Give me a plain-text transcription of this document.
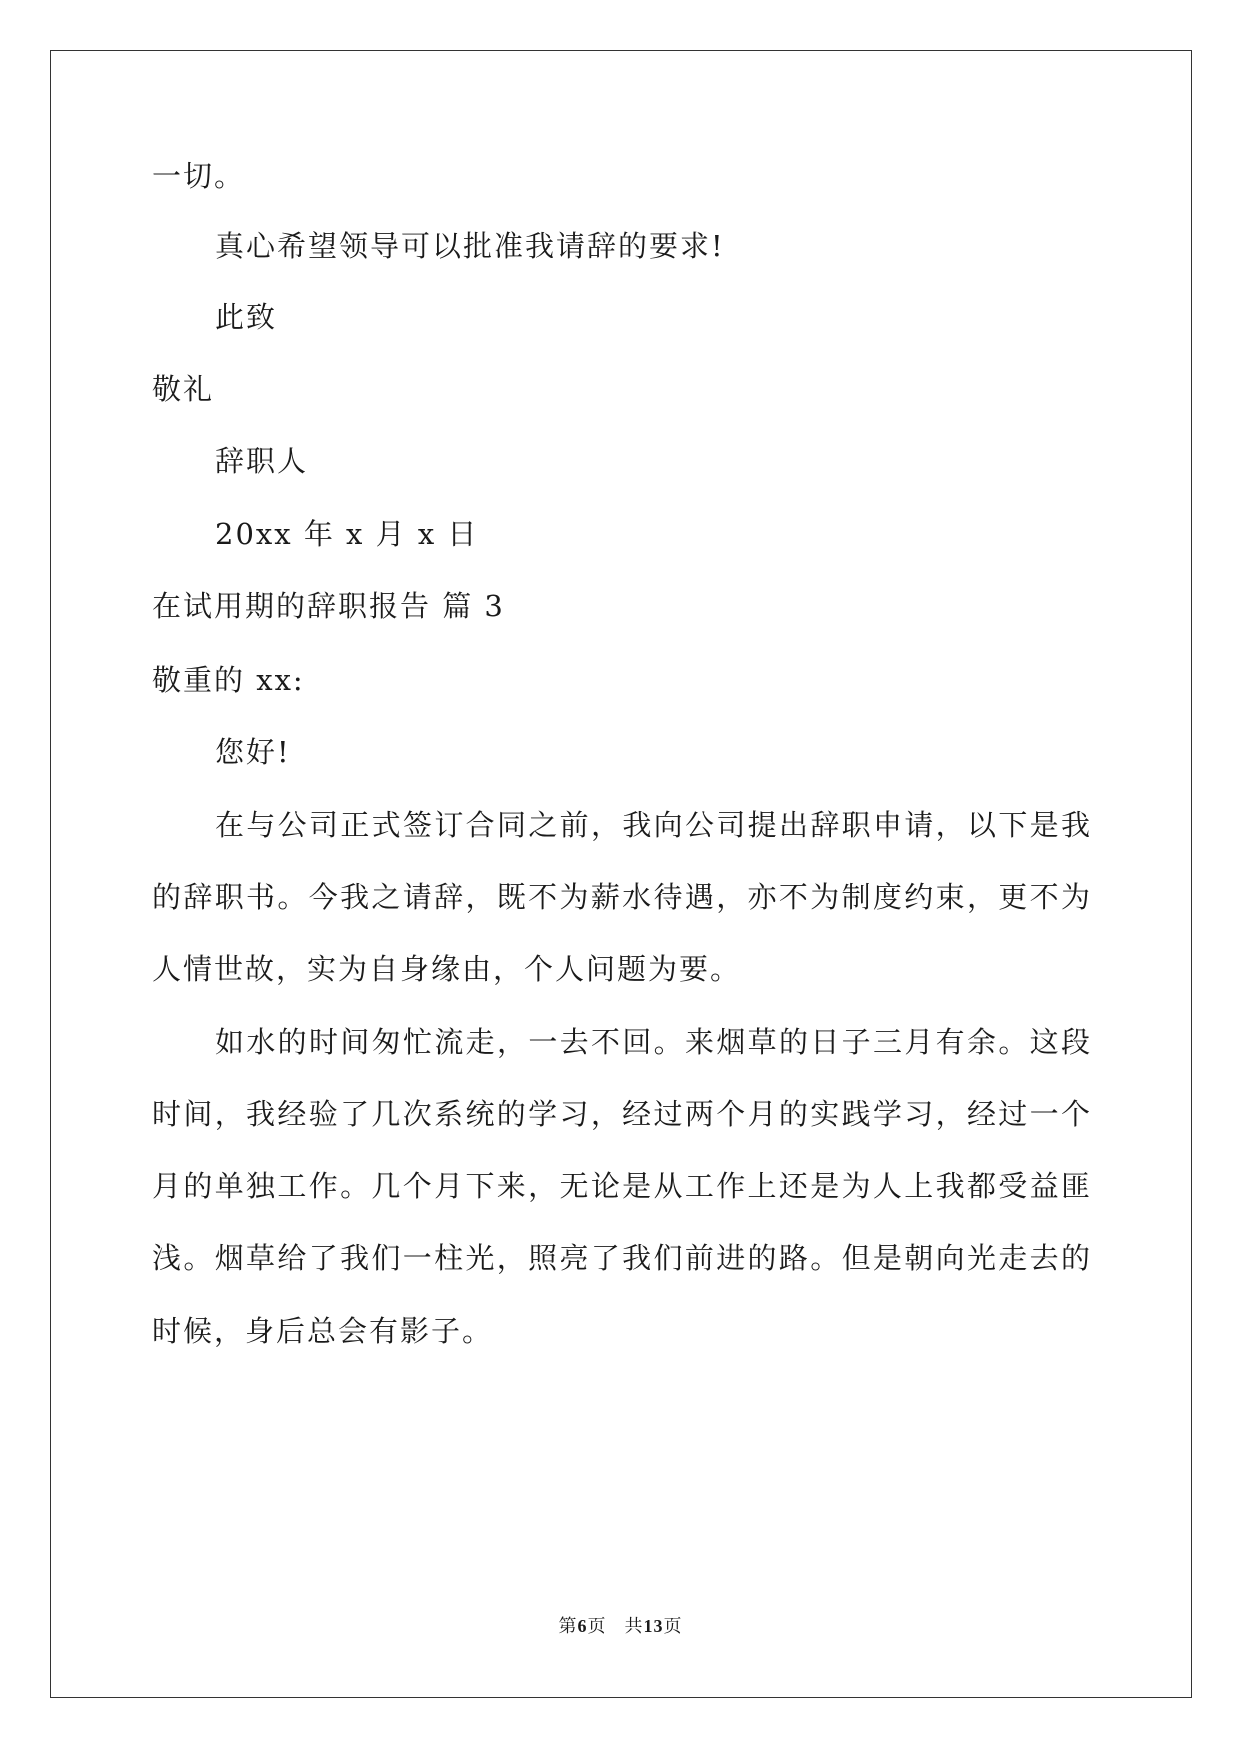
一切。
真心希望领导可以批准我请辞的要求!
此致
敬礼
辞职人
20xx 年 x 月 x 日
在试用期的辞职报告 篇 3
敬重的 xx:
您好!
在与公司正式签订合同之前，我向公司提出辞职申请，以下是我
的辞职书。今我之请辞，既不为薪水待遇，亦不为制度约束，更不为
人情世故，实为自身缘由，个人问题为要。
如水的时间匆忙流走，一去不回。来烟草的日子三月有余。这段
时间，我经验了几次系统的学习，经过两个月的实践学习，经过一个
月的单独工作。几个月下来，无论是从工作上还是为人上我都受益匪
浅。烟草给了我们一柱光，照亮了我们前进的路。但是朝向光走去的
时候，身后总会有影子。
第6页 共13页
